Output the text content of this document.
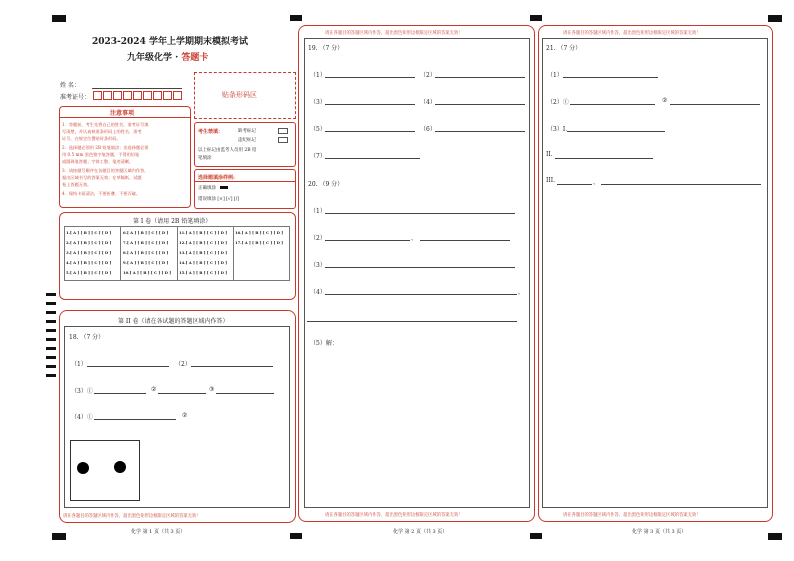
2023-2024 学年上学期期末模拟考试
九年级化学 · 答题卡
姓 名：
准考证号：	贴条形码区
注意事项
1．答题前，考生先将自己的姓名，准考证号填
写清楚，并认真核准条形码上的姓名、准考
证号，在规定位置贴好条形码。
2．选择题必须用 2B 铅笔填涂；非选择题必须
用 0.5 mm 黑色签字笔答题，不得用铅笔
或圆珠笔答题；字体工整、笔迹清晰。
3．请按题号顺序在各题目的答题区域内作答，
超出区域书写的答案无效；在草稿纸、试题
卷上答题无效。
4．保持卡面清洁，不要折叠、不要弄破。
考生禁填：	缺考标记
违纪标记
以上标记由监考人员用 2B 铅
笔填涂
选择题填涂样例:
正确填涂
错误填涂 [×] [√] [/]
第 I 卷（请用 2B 铅笔填涂）
1.[ A ] [ B ] [ C ] [ D ]
2.[ A ] [ B ] [ C ] [ D ]
3.[ A ] [ B ] [ C ] [ D ]
4.[ A ] [ B ] [ C ] [ D ]
5.[ A ] [ B ] [ C ] [ D ]
6.[ A ] [ B ] [ C ] [ D ]
7.[ A ] [ B ] [ C ] [ D ]
8.[ A ] [ B ] [ C ] [ D ]
9.[ A ] [ B ] [ C ] [ D ]
10.[ A ] [ B ] [ C ] [ D ]
11.[ A ] [ B ] [ C ] [ D ]
12.[ A ] [ B ] [ C ] [ D ]
13.[ A ] [ B ] [ C ] [ D ]
14.[ A ] [ B ] [ C ] [ D ]
15.[ A ] [ B ] [ C ] [ D ]
16.[ A ] [ B ] [ C ] [ D ]
17.[ A ] [ B ] [ C ] [ D ]
第 II 卷（请在各试题的答题区域内作答）
18. （7 分）
（1）	（2）
（3）①	②	③
（4）①	②
请在各题目的答题区域内作答，超出黑色矩形边框限定区域的答案无效！
化学 第 1 页（共 3 页）
请在各题目的答题区域内作答，超出黑色矩形边框限定区域的答案无效！
19. （7 分）
（1）	（2）
（3）	（4）
（5）	（6）
（7）
20. （9 分）
（1）
（2）	、
（3）
（4）	。
（5）解：
请在各题目的答题区域内作答，超出黑色矩形边框限定区域的答案无效！
化学 第 2 页（共 3 页）
请在各题目的答题区域内作答，超出黑色矩形边框限定区域的答案无效！
21. （7 分）
（1）
（2）①	②
（3）I.
II.
III.	、
请在各题目的答题区域内作答，超出黑色矩形边框限定区域的答案无效！
化学 第 3 页（共 3 页）
